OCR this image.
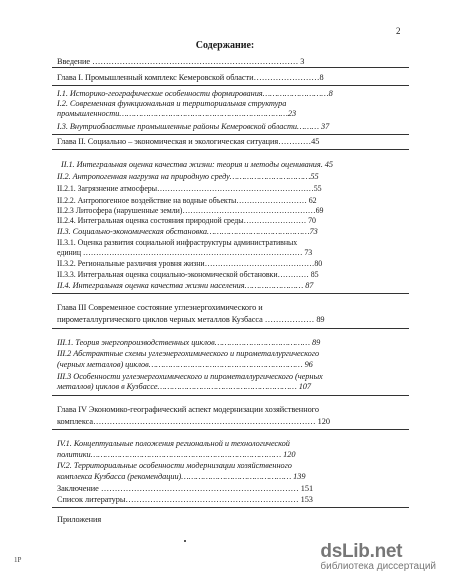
2
Содержание:
Введение ………………………………………………………………… 3
Глава I. Промышленный комплекс Кемеровской области……………………8
I.1. Историко-географические особенности формирования………………………8
I.2. Современная функциональная и территориальная структура
промышленности……………………………………………………………23
I.3. Внутриобластные промышленные районы Кемеровской области……… 37
Глава II. Социально – экономическая и экологическая ситуация…………45
II.1. Интегральная оценка качества жизни: теория и методы оценивания. 45
II.2. Антропогенная нагрузка на природную среду……………………………55
II.2.1. Загрязнение атмосферы……………………………………………………55
II.2.2. Антропогенное воздействие на водные объекты……………………… 62
II.2.3 Литосфера (нарушенные земли)……………………………………………69
II.2.4. Интегральная оценка состояния природной среды…………………… 70
II.3. Социально-экономическая обстановка……………………………………73
II.3.1. Оценка развития социальной инфраструктуры административных
единиц ………………………………………………………………………… 73
II.3.2. Региональные различия уровня жизни……………………………………80
II.3.3. Интегральная оценка социально-экономической обстановки………… 85
II.4. Интегральная оценка качества жизни населения…………………… 87
Глава III Современное состояние углеэнергохимического и
пирометаллургического циклов черных металлов Кузбасса ……………… 89
III.1. Теория энергопроизводственных циклов………………………………… 89
III.2 Абстрактные схемы углеэнергохимического и пирометаллургического
(черных металлов) циклов……………………………………………………… 96
III.3 Особенности углеэнергохимического и пирометаллургического (черных
металлов) циклов в Кузбассе………………………………………………… 107
Глава IV Экономико-географический аспект модернизации хозяйственного
комплекса……………………………………………………………………… 120
IV.1. Концептуальные положения региональной и технологической
политики…………………………………………………………………… 120
IV.2. Территориальные особенности модернизации хозяйственного
комплекса Кузбасса (рекомендации)……………………………………… 139
Заключение ……………………………………………………………… 151
Список литературы……………………………………………………… 153
Приложения
1Р	dsLib.net
библиотека диссертаций
